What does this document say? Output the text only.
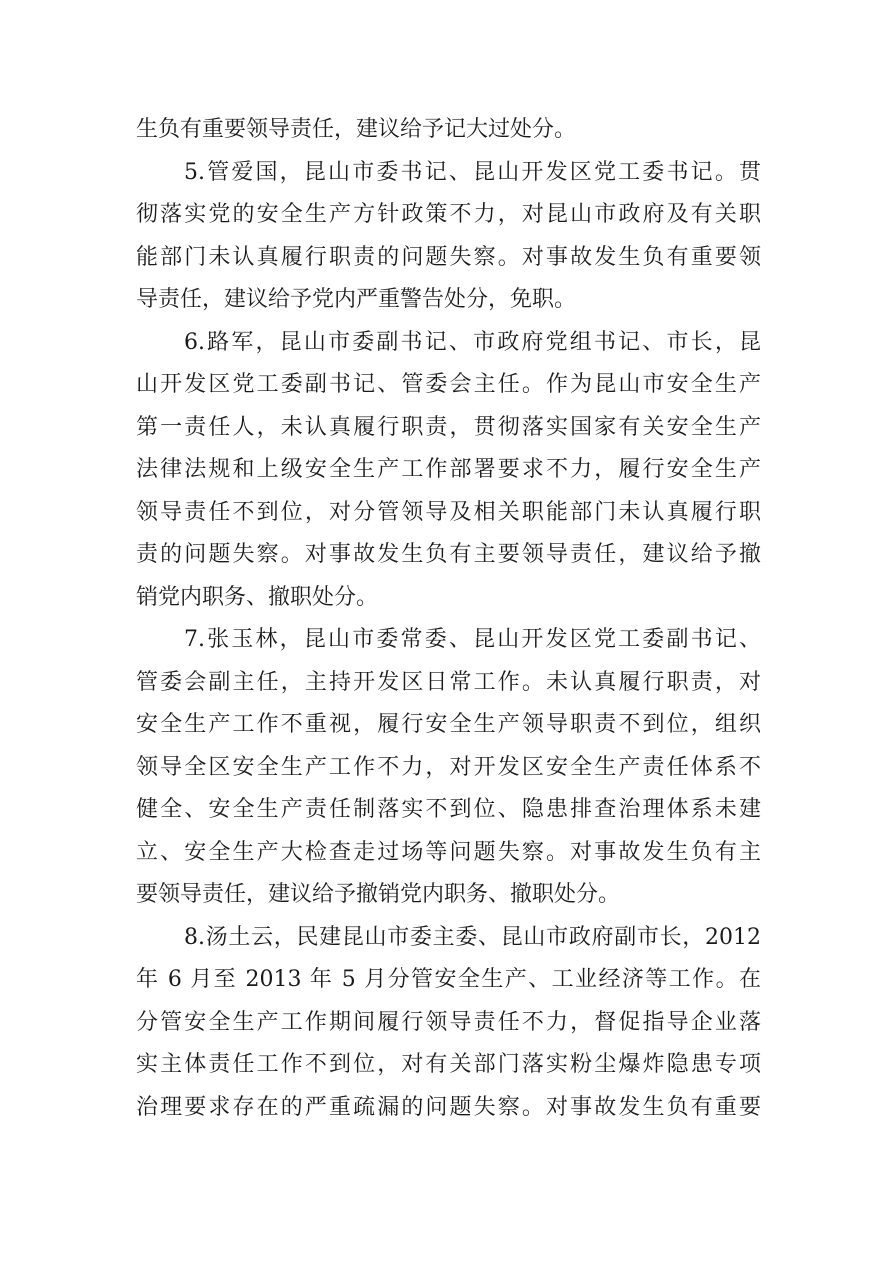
生负有重要领导责任，建议给予记大过处分。
5.管爱国，昆山市委书记、昆山开发区党工委书记。贯
彻落实党的安全生产方针政策不力，对昆山市政府及有关职
能部门未认真履行职责的问题失察。对事故发生负有重要领
导责任，建议给予党内严重警告处分，免职。
6.路军，昆山市委副书记、市政府党组书记、市长，昆
山开发区党工委副书记、管委会主任。作为昆山市安全生产
第一责任人，未认真履行职责，贯彻落实国家有关安全生产
法律法规和上级安全生产工作部署要求不力，履行安全生产
领导责任不到位，对分管领导及相关职能部门未认真履行职
责的问题失察。对事故发生负有主要领导责任，建议给予撤
销党内职务、撤职处分。
7.张玉林，昆山市委常委、昆山开发区党工委副书记、
管委会副主任，主持开发区日常工作。未认真履行职责，对
安全生产工作不重视，履行安全生产领导职责不到位，组织
领导全区安全生产工作不力，对开发区安全生产责任体系不
健全、安全生产责任制落实不到位、隐患排查治理体系未建
立、安全生产大检查走过场等问题失察。对事故发生负有主
要领导责任，建议给予撤销党内职务、撤职处分。
8.汤土云，民建昆山市委主委、昆山市政府副市长，2012
年 6 月至 2013 年 5 月分管安全生产、工业经济等工作。在
分管安全生产工作期间履行领导责任不力，督促指导企业落
实主体责任工作不到位，对有关部门落实粉尘爆炸隐患专项
治理要求存在的严重疏漏的问题失察。对事故发生负有重要
